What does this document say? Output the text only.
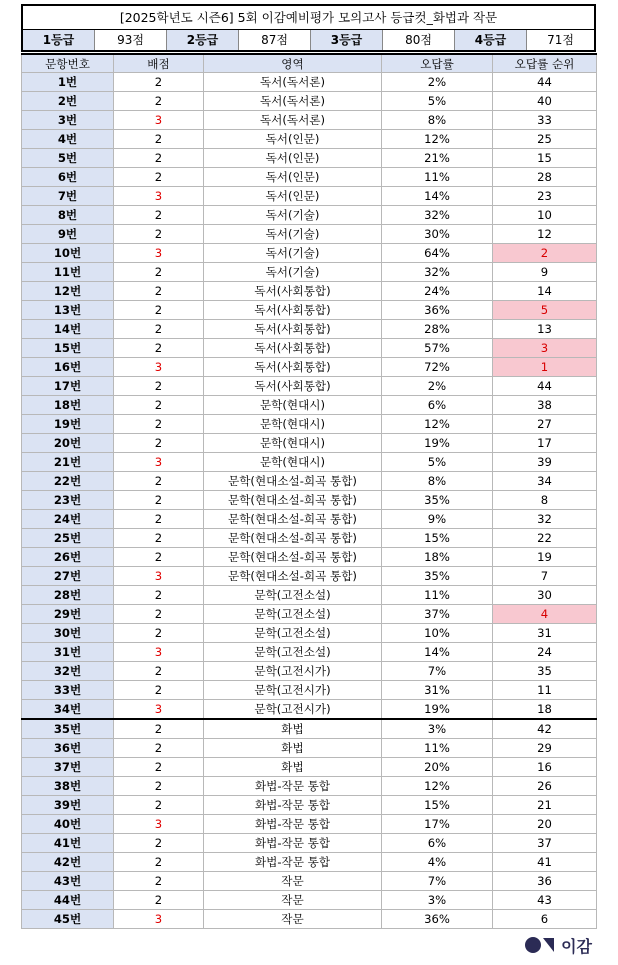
[2025학년도 시즌6] 5회 이감예비평가 모의고사 등급컷_화법과 작문
1등급	93점	2등급	87점	3등급	80점	4등급	71점
문항번호	배점	영역	오답률	오답률 순위
1번	2	독서(독서론)	2%	44
2번	2	독서(독서론)	5%	40
3번	3	독서(독서론)	8%	33
4번	2	독서(인문)	12%	25
5번	2	독서(인문)	21%	15
6번	2	독서(인문)	11%	28
7번	3	독서(인문)	14%	23
8번	2	독서(기술)	32%	10
9번	2	독서(기술)	30%	12
10번	3	독서(기술)	64%	2
11번	2	독서(기술)	32%	9
12번	2	독서(사회통합)	24%	14
13번	2	독서(사회통합)	36%	5
14번	2	독서(사회통합)	28%	13
15번	2	독서(사회통합)	57%	3
16번	3	독서(사회통합)	72%	1
17번	2	독서(사회통합)	2%	44
18번	2	문학(현대시)	6%	38
19번	2	문학(현대시)	12%	27
20번	2	문학(현대시)	19%	17
21번	3	문학(현대시)	5%	39
22번	2	문학(현대소설-희곡 통합)	8%	34
23번	2	문학(현대소설-희곡 통합)	35%	8
24번	2	문학(현대소설-희곡 통합)	9%	32
25번	2	문학(현대소설-희곡 통합)	15%	22
26번	2	문학(현대소설-희곡 통합)	18%	19
27번	3	문학(현대소설-희곡 통합)	35%	7
28번	2	문학(고전소설)	11%	30
29번	2	문학(고전소설)	37%	4
30번	2	문학(고전소설)	10%	31
31번	3	문학(고전소설)	14%	24
32번	2	문학(고전시가)	7%	35
33번	2	문학(고전시가)	31%	11
34번	3	문학(고전시가)	19%	18
35번	2	화법	3%	42
36번	2	화법	11%	29
37번	2	화법	20%	16
38번	2	화법-작문 통합	12%	26
39번	2	화법-작문 통합	15%	21
40번	3	화법-작문 통합	17%	20
41번	2	화법-작문 통합	6%	37
42번	2	화법-작문 통합	4%	41
43번	2	작문	7%	36
44번	2	작문	3%	43
45번	3	작문	36%	6
이감
